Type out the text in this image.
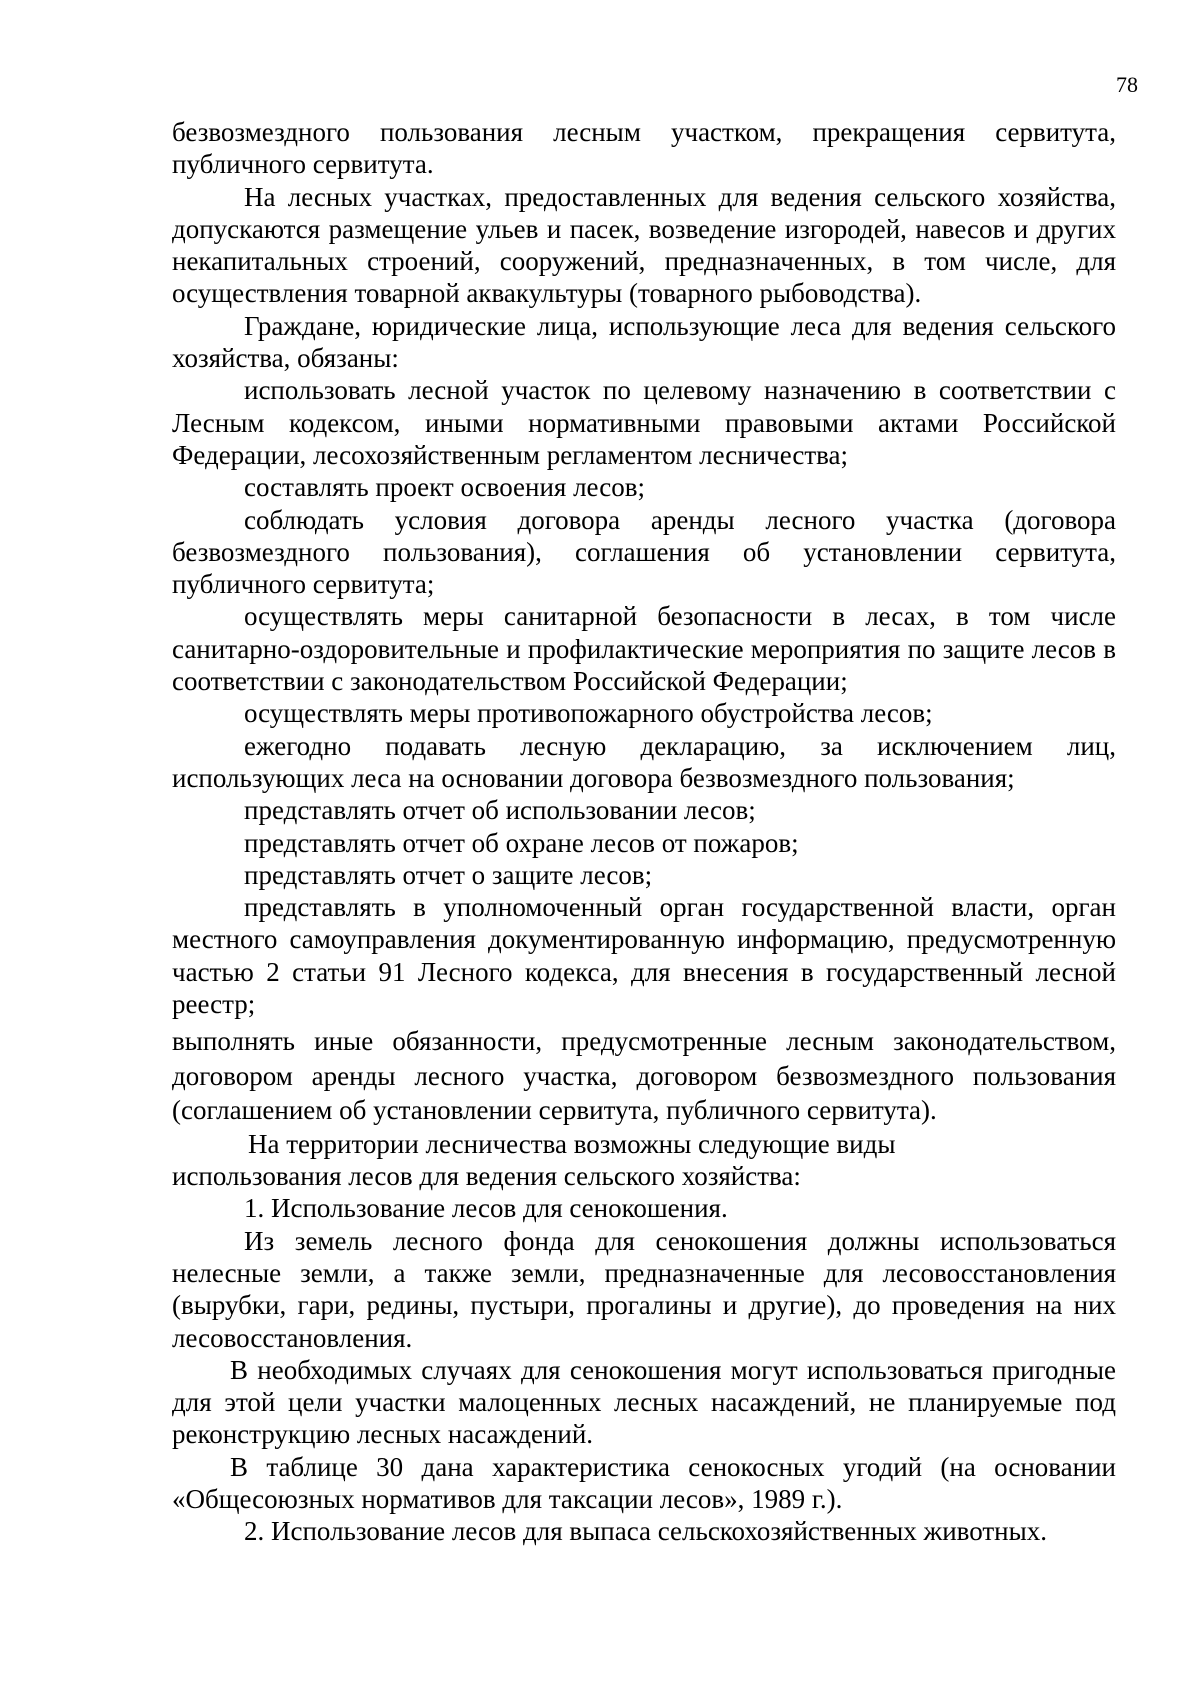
78

безвозмездного пользования лесным участком, прекращения сервитута, публичного сервитута.

На лесных участках, предоставленных для ведения сельского хозяйства, допускаются размещение ульев и пасек, возведение изгородей, навесов и других некапитальных строений, сооружений, предназначенных, в том числе, для осуществления товарной аквакультуры (товарного рыбоводства).

Граждане, юридические лица, использующие леса для ведения сельского хозяйства, обязаны:

использовать лесной участок по целевому назначению в соответствии с Лесным кодексом, иными нормативными правовыми актами Российской Федерации, лесохозяйственным регламентом лесничества;

составлять проект освоения лесов;

соблюдать условия договора аренды лесного участка (договора безвозмездного пользования), соглашения об установлении сервитута, публичного сервитута;

осуществлять меры санитарной безопасности в лесах, в том числе санитарно-оздоровительные и профилактические мероприятия по защите лесов в соответствии с законодательством Российской Федерации;

осуществлять меры противопожарного обустройства лесов;

ежегодно подавать лесную декларацию, за исключением лиц, использующих леса на основании договора безвозмездного пользования;

представлять отчет об использовании лесов;

представлять отчет об охране лесов от пожаров;

представлять отчет о защите лесов;

представлять в уполномоченный орган государственной власти, орган местного самоуправления документированную информацию, предусмотренную частью 2 статьи 91 Лесного кодекса, для внесения в государственный лесной реестр;

выполнять иные обязанности, предусмотренные лесным законодательством, договором аренды лесного участка, договором безвозмездного пользования (соглашением об установлении сервитута, публичного сервитута).

На территории лесничества возможны следующие виды

использования лесов для ведения сельского хозяйства:

1. Использование лесов для сенокошения.

Из земель лесного фонда для сенокошения должны использоваться нелесные земли, а также земли, предназначенные для лесовосстановления (вырубки, гари, редины, пустыри, прогалины и другие), до проведения на них лесовосстановления.

В необходимых случаях для сенокошения могут использоваться пригодные для этой цели участки малоценных лесных насаждений, не планируемые под реконструкцию лесных насаждений.

В таблице 30 дана характеристика сенокосных угодий (на основании «Общесоюзных нормативов для таксации лесов», 1989 г.).

2. Использование лесов для выпаса сельскохозяйственных животных.
